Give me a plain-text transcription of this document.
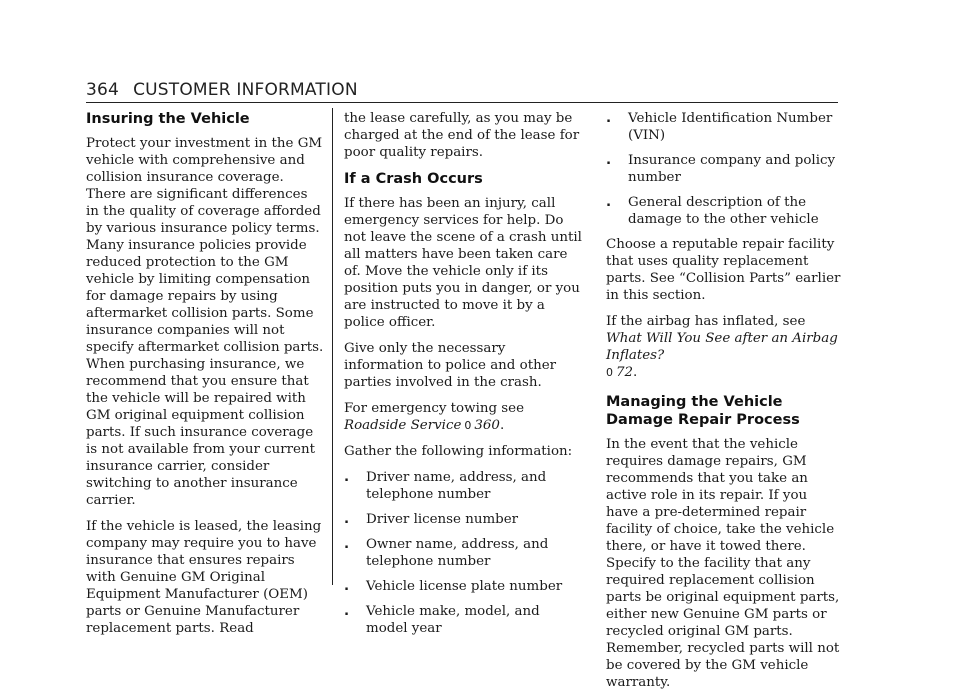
364 CUSTOMER INFORMATION
Insuring the Vehicle

Protect your investment in the GM vehicle with comprehensive and collision insurance coverage. There are significant differences in the quality of coverage afforded by various insurance policy terms. Many insurance policies provide reduced protection to the GM vehicle by limiting compensation for damage repairs by using aftermarket collision parts. Some insurance companies will not specify aftermarket collision parts. When purchasing insurance, we recommend that you ensure that the vehicle will be repaired with GM original equipment collision parts. If such insurance coverage is not available from your current insurance carrier, consider switching to another insurance carrier.

If the vehicle is leased, the leasing company may require you to have insurance that ensures repairs with Genuine GM Original Equipment Manufacturer (OEM) parts or Genuine Manufacturer replacement parts. Read

the lease carefully, as you may be charged at the end of the lease for poor quality repairs.

If a Crash Occurs

If there has been an injury, call emergency services for help. Do not leave the scene of a crash until all matters have been taken care of. Move the vehicle only if its position puts you in danger, or you are instructed to move it by a police officer.

Give only the necessary information to police and other parties involved in the crash.

For emergency towing see Roadside Service 0 360.

Gather the following information:

.	Driver name, address, and telephone number
.	Driver license number
.	Owner name, address, and telephone number
.	Vehicle license plate number
.	Vehicle make, model, and model year
.	Vehicle Identification Number (VIN)
.	Insurance company and policy number
.	General description of the damage to the other vehicle

Choose a reputable repair facility that uses quality replacement parts. See “Collision Parts” earlier in this section.

If the airbag has inflated, see What Will You See after an Airbag Inflates?
0 72.

Managing the Vehicle Damage Repair Process

In the event that the vehicle requires damage repairs, GM recommends that you take an active role in its repair. If you have a pre-determined repair facility of choice, take the vehicle there, or have it towed there. Specify to the facility that any required replacement collision parts be original equipment parts, either new Genuine GM parts or recycled original GM parts. Remember, recycled parts will not be covered by the GM vehicle warranty.
